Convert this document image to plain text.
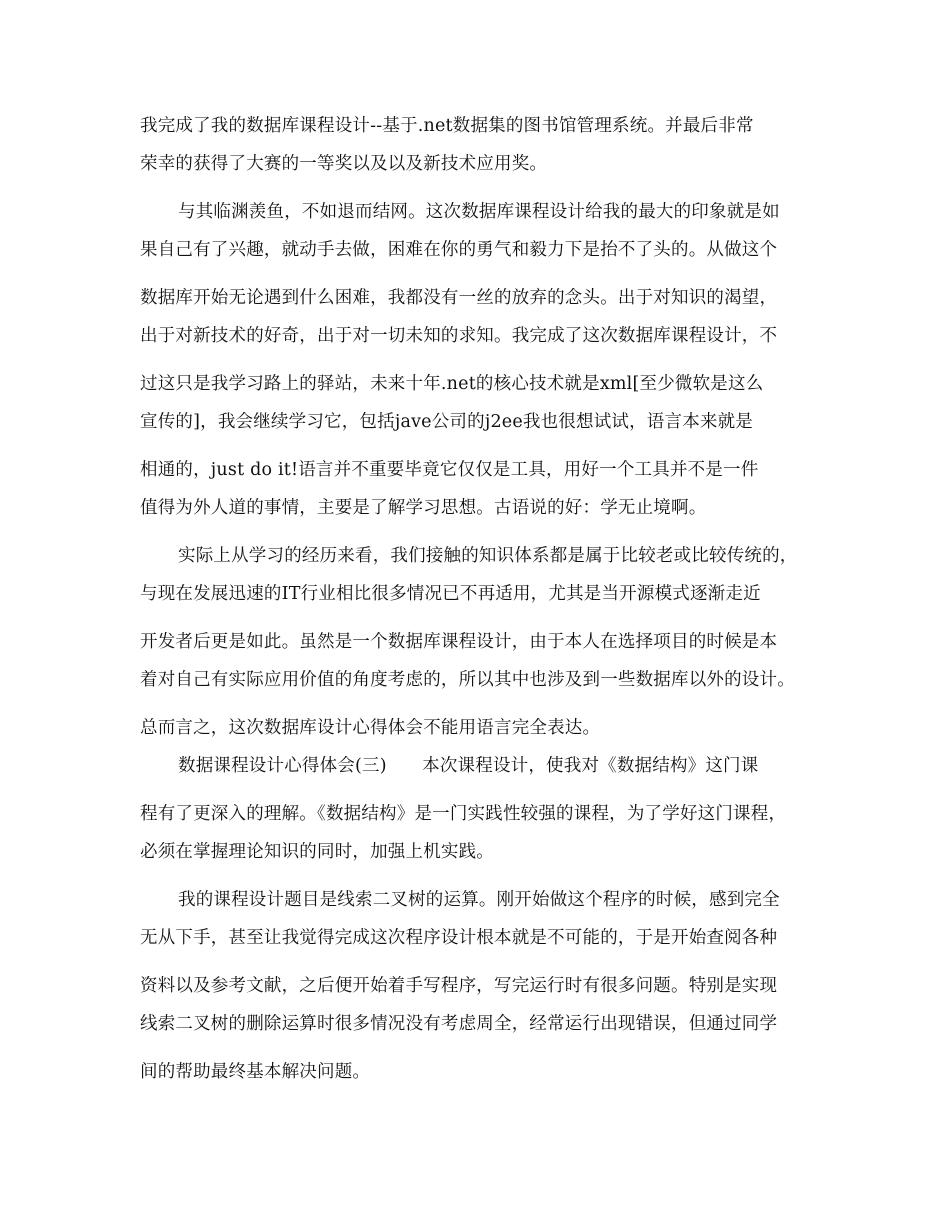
我完成了我的数据库课程设计--基于.net数据集的图书馆管理系统。并最后非常
荣幸的获得了大赛的一等奖以及以及新技术应用奖。
与其临渊羡鱼，不如退而结网。这次数据库课程设计给我的最大的印象就是如
果自己有了兴趣，就动手去做，困难在你的勇气和毅力下是抬不了头的。从做这个
数据库开始无论遇到什么困难，我都没有一丝的放弃的念头。出于对知识的渴望，
出于对新技术的好奇，出于对一切未知的求知。我完成了这次数据库课程设计，不
过这只是我学习路上的驿站，未来十年.net的核心技术就是xml[至少微软是这么
宣传的]，我会继续学习它，包括jave公司的j2ee我也很想试试，语言本来就是
相通的，just do it!语言并不重要毕竟它仅仅是工具，用好一个工具并不是一件
值得为外人道的事情，主要是了解学习思想。古语说的好：学无止境啊。
实际上从学习的经历来看，我们接触的知识体系都是属于比较老或比较传统的，
与现在发展迅速的IT行业相比很多情况已不再适用，尤其是当开源模式逐渐走近
开发者后更是如此。虽然是一个数据库课程设计，由于本人在选择项目的时候是本
着对自己有实际应用价值的角度考虑的，所以其中也涉及到一些数据库以外的设计。
总而言之，这次数据库设计心得体会不能用语言完全表达。
数据课程设计心得体会(三)　　本次课程设计，使我对《数据结构》这门课
程有了更深入的理解。《数据结构》是一门实践性较强的课程，为了学好这门课程，
必须在掌握理论知识的同时，加强上机实践。
我的课程设计题目是线索二叉树的运算。刚开始做这个程序的时候，感到完全
无从下手，甚至让我觉得完成这次程序设计根本就是不可能的，于是开始查阅各种
资料以及参考文献，之后便开始着手写程序，写完运行时有很多问题。特别是实现
线索二叉树的删除运算时很多情况没有考虑周全，经常运行出现错误，但通过同学
间的帮助最终基本解决问题。
